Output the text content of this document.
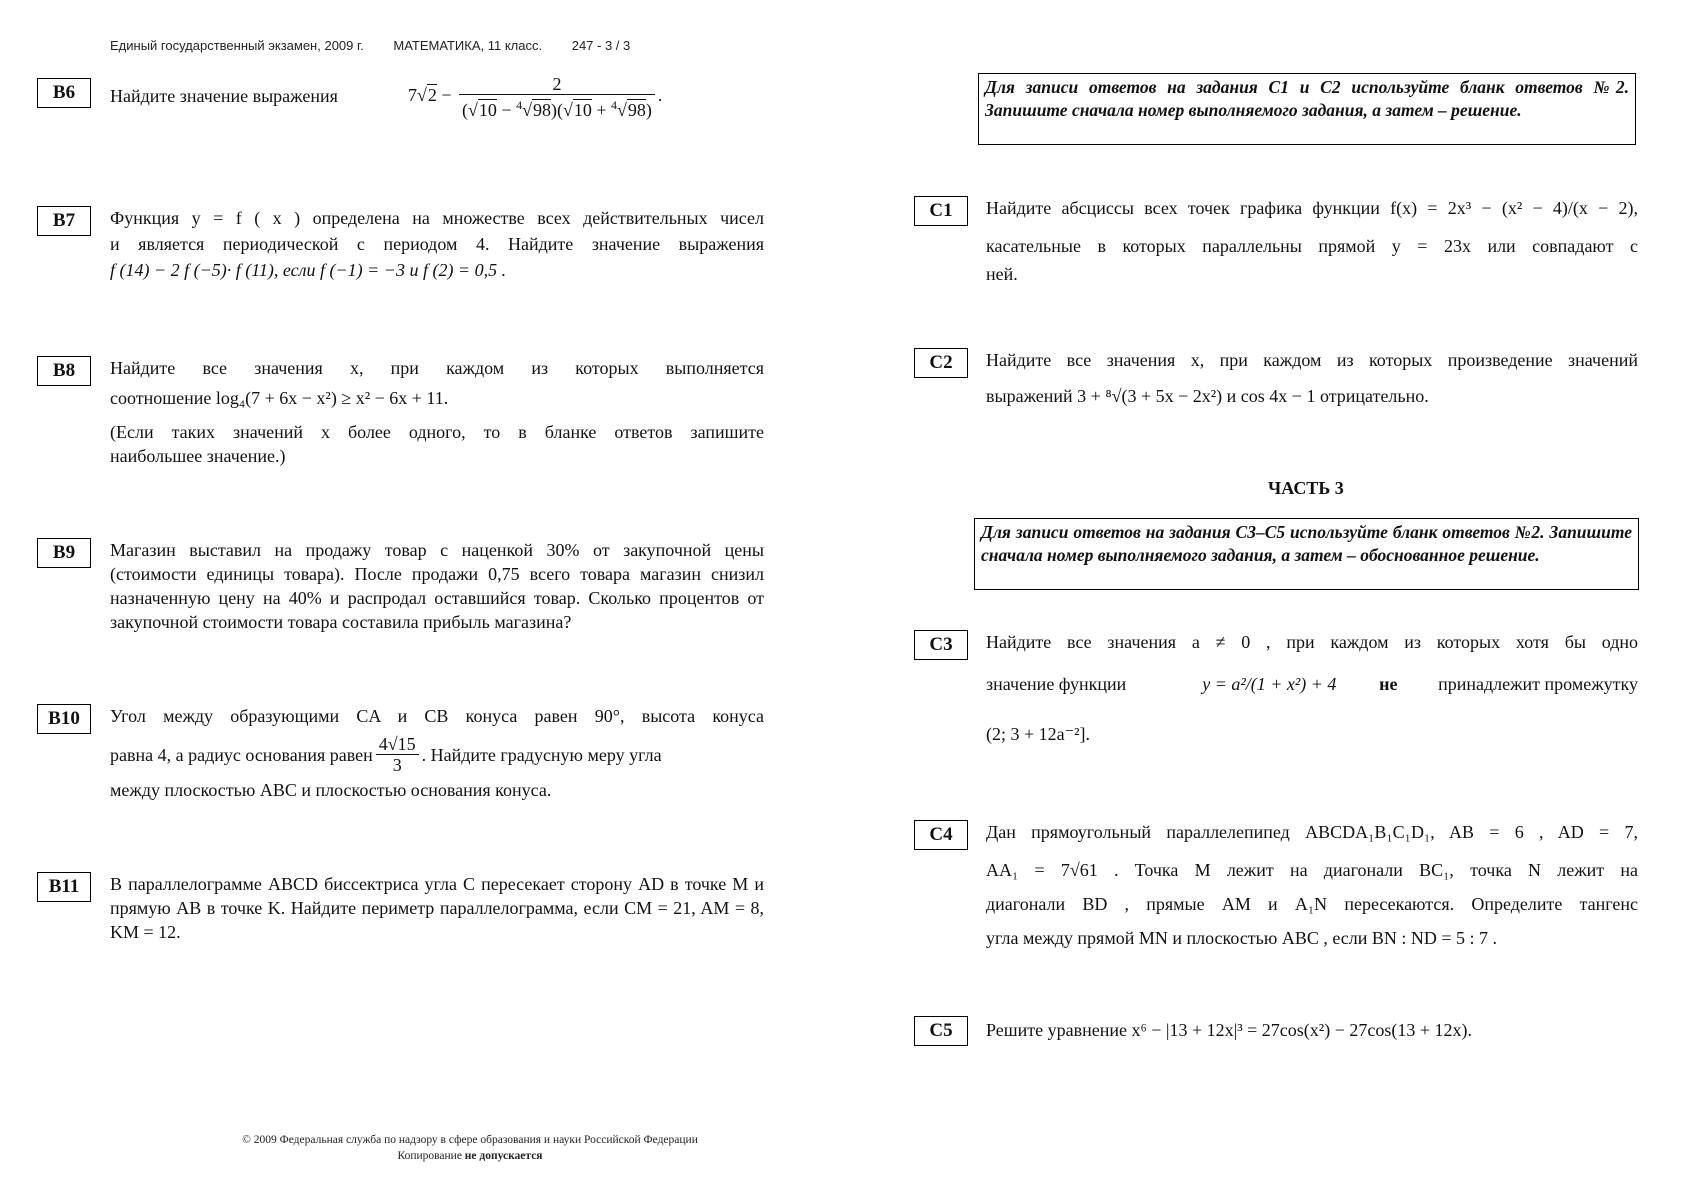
Единый государственный экзамен, 2009 г. МАТЕМАТИКА, 11 класс. 247 - 3 / 3
B6	Найдите значение выражения	$7√2 - \frac{2}{(√10 - ^4√98)(√10 + ^4√98)}$ .
B7	Функция y = f ( x ) определена на множестве всех действительных чисел
и является периодической с периодом 4. Найдите значение выражения
f (14) − 2 f (−5)· f (11), если f (−1) = −3 и f (2) = 0,5 .
B8	Найдите все значения x, при каждом из которых выполняется
соотношение log₄(7 + 6x − x²) ≥ x² − 6x + 11.
(Если таких значений x более одного, то в бланке ответов запишите
наибольшее значение.)
B9	Магазин выставил на продажу товар с наценкой 30% от закупочной цены (стоимости единицы товара). После продажи 0,75 всего товара магазин снизил назначенную цену на 40% и распродал оставшийся товар. Сколько процентов от закупочной стоимости товара составила прибыль магазина?
B10	Угол между образующими CA и CB конуса равен 90°, высота конуса
равна 4, а радиус основания равен $\frac{4√15}{3}$ . Найдите градусную меру угла
между плоскостью ABC и плоскостью основания конуса.
B11	В параллелограмме ABCD биссектриса угла C пересекает сторону AD в точке M и прямую AB в точке K. Найдите периметр параллелограмма, если CM = 21, AM = 8, KM = 12.
Для записи ответов на задания C1 и C2 используйте бланк ответов №2. Запишите сначала номер выполняемого задания, а затем – решение.
C1	Найдите абсциссы всех точек графика функции f(x) = 2x³ − (x² − 4)/(x − 2),
касательные в которых параллельны прямой y = 23x или совпадают с
ней.
C2	Найдите все значения x, при каждом из которых произведение значений
выражений 3 + ⁸√(3 + 5x − 2x²) и cos 4x − 1 отрицательно.
ЧАСТЬ 3
Для записи ответов на задания C3–C5 используйте бланк ответов №2. Запишите сначала номер выполняемого задания, а затем – обоснованное решение.
C3	Найдите все значения a ≠ 0 , при каждом из которых хотя бы одно
значение функции	y = a²/(1 + x²) + 4	не	принадлежит промежутку
(2; 3 + 12a⁻²].
C4	Дан прямоугольный параллелепипед ABCDA₁B₁C₁D₁, AB = 6 , AD = 7,
AA₁ = 7√61 . Точка M лежит на диагонали BC₁, точка N лежит на
диагонали BD , прямые AM и A₁N пересекаются. Определите тангенс
угла между прямой MN и плоскостью ABC , если BN : ND = 5 : 7 .
C5	Решите уравнение x⁶ − |13 + 12x|³ = 27cos(x²) − 27cos(13 + 12x).
© 2009 Федеральная служба по надзору в сфере образования и науки Российской Федерации
Копирование не допускается
